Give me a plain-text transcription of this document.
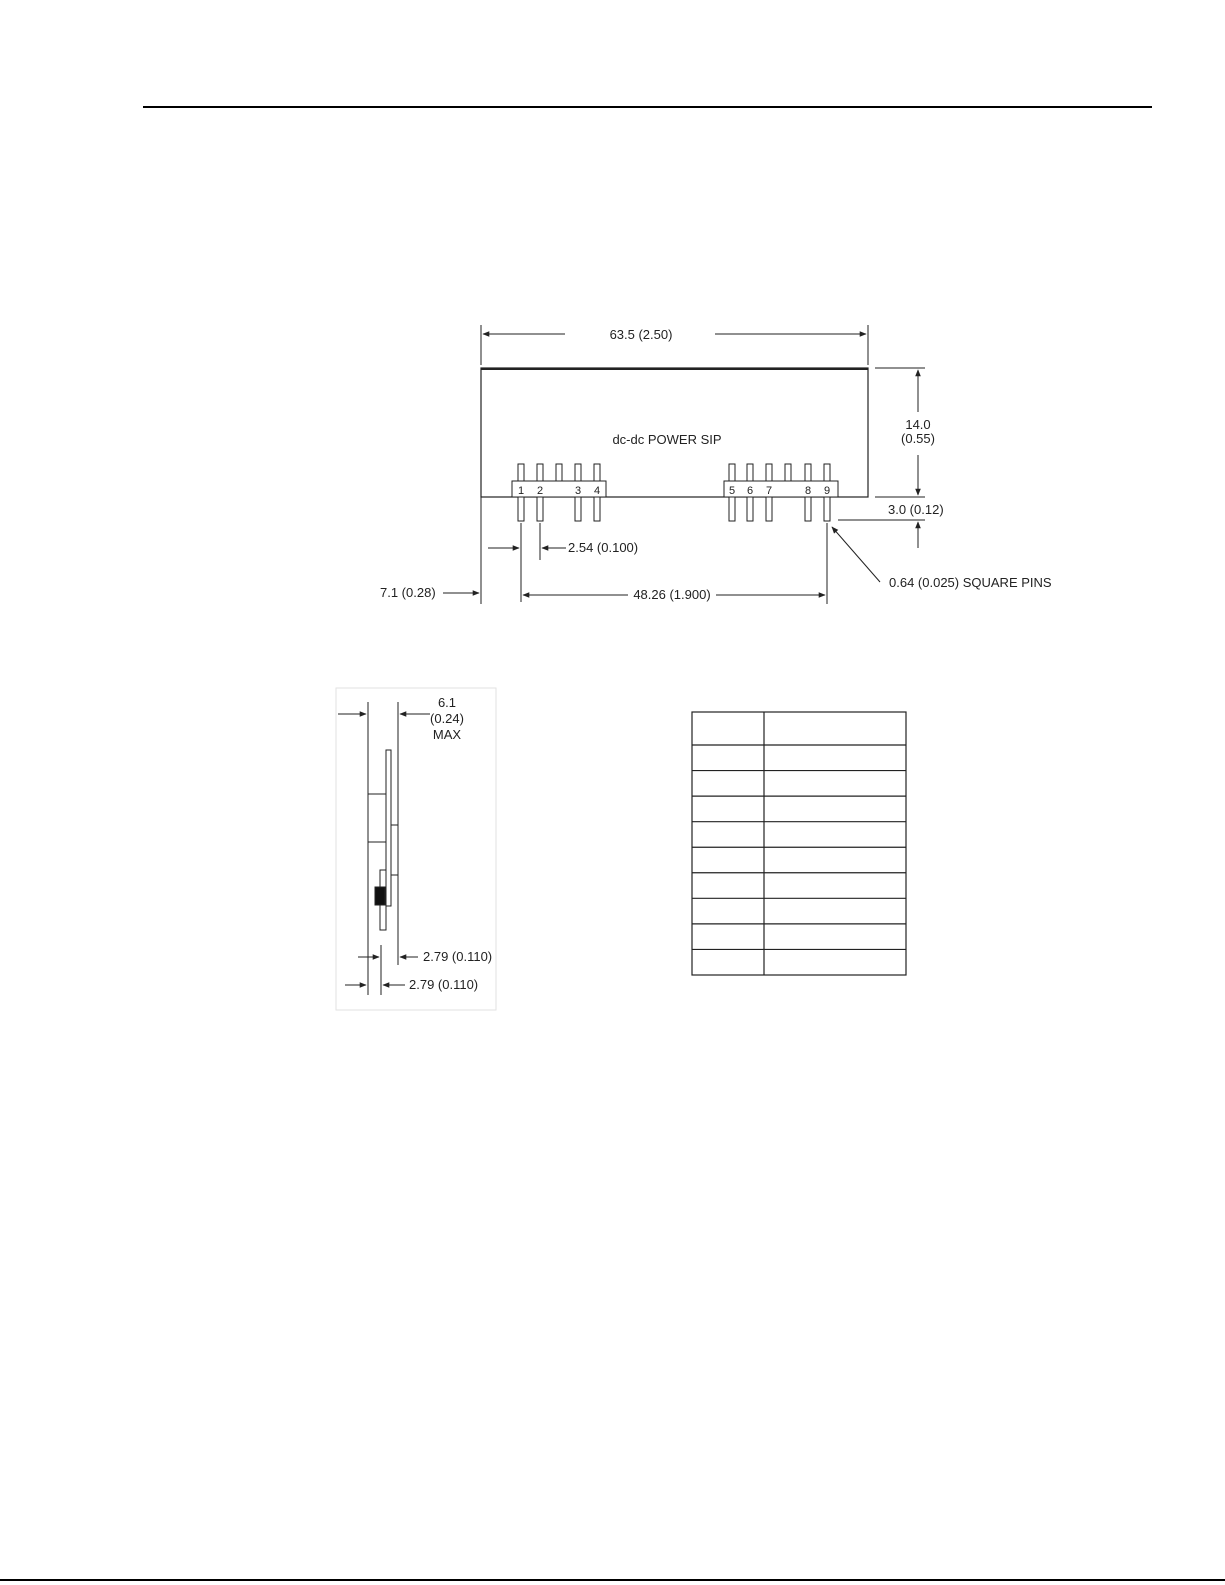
63.5 (2.50)
dc-dc POWER SIP
14.0
(0.55)
3.0 (0.12)
2.54 (0.100)
7.1 (0.28)	48.26 (1.900)
0.64 (0.025) SQUARE PINS
1 2	3 4	5 6 7	8 9
6.1
(0.24)
MAX
2.79 (0.110)
2.79 (0.110)
